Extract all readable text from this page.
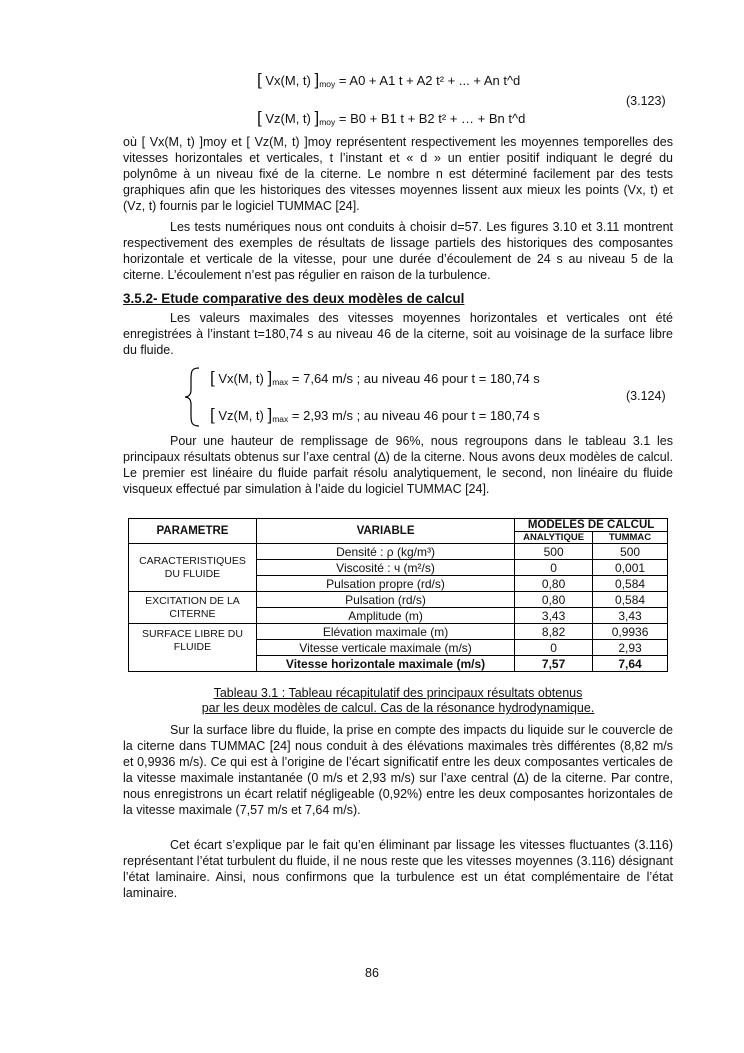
[ Vx(M, t) ]$_{moy} = A0 + A1$ t + A2 t² + ... + An t^d
(3.123)
[ Vz(M, t) ]$_{moy} = B0 + B1$ t + B2 t² + … + Bn t^d
où [ Vx(M, t) ]moy et [ Vz(M, t) ]moy représentent respectivement les moyennes temporelles des vitesses horizontales et verticales, t l’instant et « d » un entier positif indiquant le degré du polynôme à un niveau fixé de la citerne. Le nombre n est déterminé facilement par des tests graphiques afin que les historiques des vitesses moyennes lissent aux mieux les points (Vx, t) et (Vz, t) fournis par le logiciel TUMMAC [24].
Les tests numériques nous ont conduits à choisir d=57. Les figures 3.10 et 3.11 montrent respectivement des exemples de résultats de lissage partiels des historiques des composantes horizontale et verticale de la vitesse, pour une durée d’écoulement de 24 s au niveau 5 de la citerne. L’écoulement n’est pas régulier en raison de la turbulence.
3.5.2- Etude comparative des deux modèles de calcul
Les valeurs maximales des vitesses moyennes horizontales et verticales ont été enregistrées à l’instant t=180,74 s au niveau 46 de la citerne, soit au voisinage de la surface libre du fluide.
[ Vx(M, t) ]$_{max} = 7,64$ m/s ; au niveau 46 pour t = 180,74 s
(3.124)
[ Vz(M, t) ]$_{max} = 2,93$ m/s ; au niveau 46 pour t = 180,74 s
Pour une hauteur de remplissage de 96%, nous regroupons dans le tableau 3.1 les principaux résultats obtenus sur l’axe central (∆) de la citerne. Nous avons deux modèles de calcul. Le premier est linéaire du fluide parfait résolu analytiquement, le second, non linéaire du fluide visqueux effectué par simulation à l’aide du logiciel TUMMAC [24].
PARAMETRE	VARIABLE	MODELES DE CALCUL	
		ANALYTIQUE	TUMMAC
CARACTERISTIQUES DU FLUIDE	Densité : ρ (kg/m³)	500	500
	Viscosité : ч (m²/s)	0	0,001
	Pulsation propre (rd/s)	0,80	0,584
EXCITATION DE LA CITERNE	Pulsation (rd/s)	0,80	0,584
	Amplitude (m)	3,43	3,43
SURFACE LIBRE DU FLUIDE	Elévation maximale (m)	8,82	0,9936
	Vitesse verticale maximale (m/s)	0	2,93
	Vitesse horizontale maximale (m/s)	7,57	7,64
Tableau 3.1 : Tableau récapitulatif des principaux résultats obtenus
par les deux modèles de calcul. Cas de la résonance hydrodynamique.
Sur la surface libre du fluide, la prise en compte des impacts du liquide sur le couvercle de la citerne dans TUMMAC [24] nous conduit à des élévations maximales très différentes (8,82 m/s et 0,9936 m/s). Ce qui est à l’origine de l’écart significatif entre les deux composantes verticales de la vitesse maximale instantanée (0 m/s et 2,93 m/s) sur l’axe central (∆) de la citerne. Par contre, nous enregistrons un écart relatif négligeable (0,92%) entre les deux composantes horizontales de la vitesse maximale (7,57 m/s et 7,64 m/s).
Cet écart s’explique par le fait qu’en éliminant par lissage les vitesses fluctuantes (3.116) représentant l’état turbulent du fluide, il ne nous reste que les vitesses moyennes (3.116) désignant l’état laminaire. Ainsi, nous confirmons que la turbulence est un état complémentaire de l’état laminaire.
86
